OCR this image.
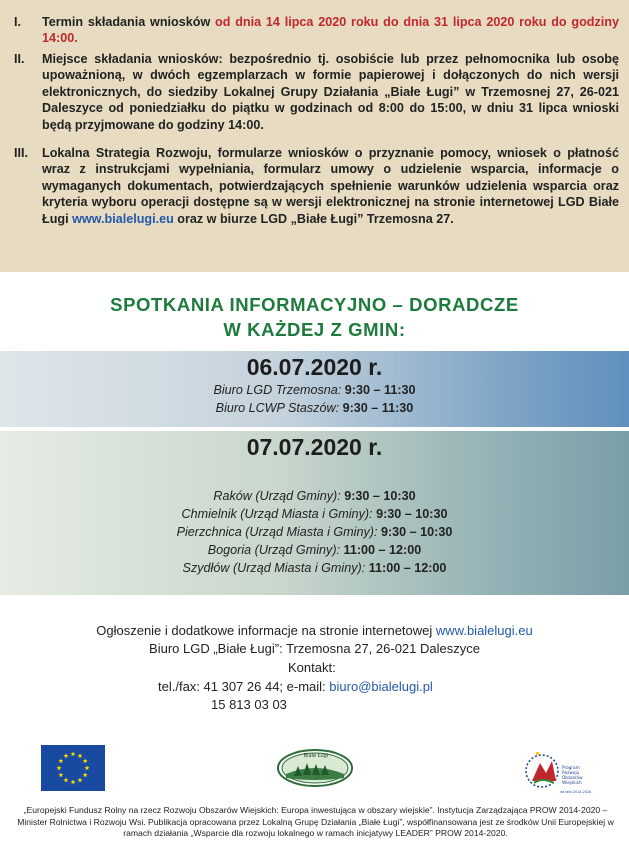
I.	Termin składania wniosków od dnia 14 lipca 2020 roku do dnia 31 lipca 2020 roku do godziny 14:00.
II.	Miejsce składania wniosków: bezpośrednio tj. osobiście lub przez pełnomocnika lub osobę upoważnioną, w dwóch egzemplarzach w formie papierowej i dołączonych do nich wersji elektronicznych, do siedziby Lokalnej Grupy Działania „Białe Ługi” w Trzemosnej 27, 26-021 Daleszyce od poniedziałku do piątku w godzinach od 8:00 do 15:00, w dniu 31 lipca wnioski będą przyjmowane do godziny 14:00.
III.	Lokalna Strategia Rozwoju, formularze wniosków o przyznanie pomocy, wniosek o płatność wraz z instrukcjami wypełniania, formularz umowy o udzielenie wsparcia, informacje o wymaganych dokumentach, potwierdzających spełnienie warunków udzielenia wsparcia oraz kryteria wyboru operacji dostępne są w wersji elektronicznej na stronie internetowej LGD Białe Ługi www.bialelugi.eu oraz w biurze LGD „Białe Ługi” Trzemosna 27.
SPOTKANIA INFORMACYJNO – DORADCZE
W KAŻDEJ Z GMIN:
06.07.2020 r.
Biuro LGD Trzemosna: 9:30 – 11:30
Biuro LCWP Staszów: 9:30 – 11:30
07.07.2020 r.
Raków (Urząd Gminy): 9:30 – 10:30
Chmielnik (Urząd Miasta i Gminy): 9:30 – 10:30
Pierzchnica (Urząd Miasta i Gminy): 9:30 – 10:30
Bogoria (Urząd Gminy): 11:00 – 12:00
Szydłów (Urząd Miasta i Gminy): 11:00 – 12:00
Ogłoszenie i dodatkowe informacje na stronie internetowej www.bialelugi.eu
Biuro LGD „Białe Ługi”: Trzemosna 27, 26-021 Daleszyce
Kontakt:
tel./fax: 41 307 26 44; e-mail: biuro@bialelugi.pl
15 813 03 03
Biale Ługi
Program Rozwoju Obszarów Wiejskich
na lata 2014-2020
„Europejski Fundusz Rolny na rzecz Rozwoju Obszarów Wiejskich: Europa inwestująca w obszary wiejskie”. Instytucja Zarządzająca PROW 2014-2020 – Minister Rolnictwa i Rozwoju Wsi. Publikacja opracowana przez Lokalną Grupę Działania „Białe Ługi”, współfinansowana jest ze środków Unii Europejskiej w ramach działania „Wsparcie dla rozwoju lokalnego w ramach inicjatywy LEADER” PROW 2014-2020.
